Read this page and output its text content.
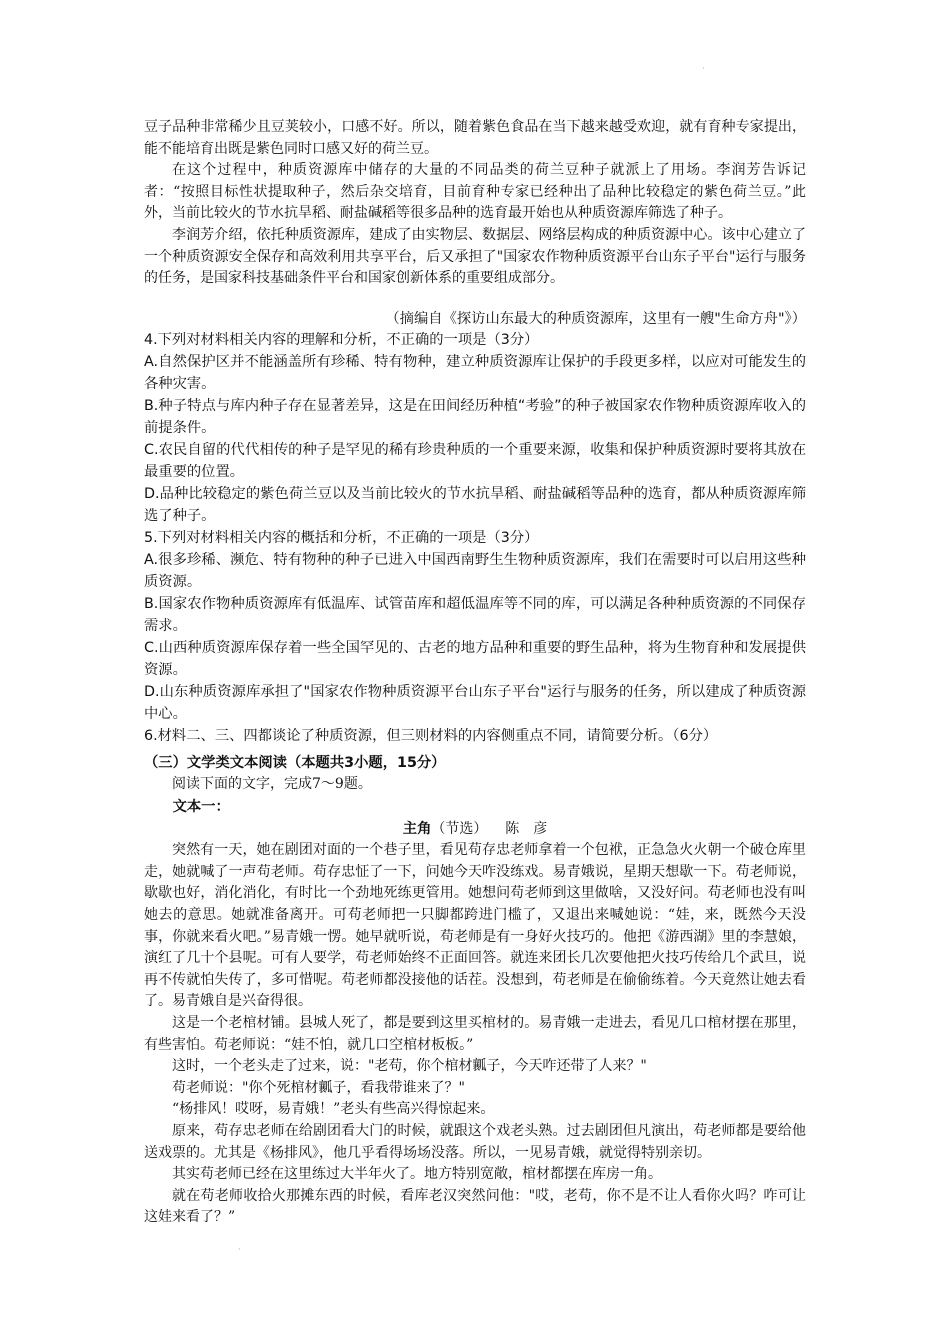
·

豆子品种非常稀少且豆荚较小，口感不好。所以，随着紫色食品在当下越来越受欢迎，就有育种专家提出，能不能培育出既是紫色同时口感又好的荷兰豆。

在这个过程中，种质资源库中储存的大量的不同品类的荷兰豆种子就派上了用场。李润芳告诉记者：“按照目标性状提取种子，然后杂交培育，目前育种专家已经种出了品种比较稳定的紫色荷兰豆。”此外，当前比较火的节水抗旱稻、耐盐碱稻等很多品种的选育最开始也从种质资源库筛选了种子。

李润芳介绍，依托种质资源库，建成了由实物层、数据层、网络层构成的种质资源中心。该中心建立了一个种质资源安全保存和高效利用共享平台，后又承担了"国家农作物种质资源平台山东子平台"运行与服务的任务，是国家科技基础条件平台和国家创新体系的重要组成部分。

（摘编自《探访山东最大的种质资源库，这里有一艘"生命方舟"》）

4.下列对材料相关内容的理解和分析，不正确的一项是（3分）

A.自然保护区并不能涵盖所有珍稀、特有物种，建立种质资源库让保护的手段更多样，以应对可能发生的各种灾害。

B.种子特点与库内种子存在显著差异，这是在田间经历种植“考验”的种子被国家农作物种质资源库收入的前提条件。

C.农民自留的代代相传的种子是罕见的稀有珍贵种质的一个重要来源，收集和保护种质资源时要将其放在最重要的位置。

D.品种比较稳定的紫色荷兰豆以及当前比较火的节水抗旱稻、耐盐碱稻等品种的选育，都从种质资源库筛选了种子。

5.下列对材料相关内容的概括和分析，不正确的一项是（3分）

A.很多珍稀、濒危、特有物种的种子已进入中国西南野生生物种质资源库，我们在需要时可以启用这些种质资源。

B.国家农作物种质资源库有低温库、试管苗库和超低温库等不同的库，可以满足各种种质资源的不同保存需求。

C.山西种质资源库保存着一些全国罕见的、古老的地方品种和重要的野生品种，将为生物育种和发展提供资源。

D.山东种质资源库承担了"国家农作物种质资源平台山东子平台"运行与服务的任务，所以建成了种质资源中心。

6.材料二、三、四都谈论了种质资源，但三则材料的内容侧重点不同，请简要分析。（6分）

（三）文学类文本阅读（本题共3小题，15分）

阅读下面的文字，完成7～9题。

文本一：

主角（节选） 陈　彦

突然有一天，她在剧团对面的一个巷子里，看见苟存忠老师拿着一个包袱，正急急火火朝一个破仓库里走，她就喊了一声苟老师。苟存忠怔了一下，问她今天咋没练戏。易青娥说，星期天想歇一下。苟老师说，歇歇也好，消化消化，有时比一个劲地死练更管用。她想问苟老师到这里做啥，又没好问。苟老师也没有叫她去的意思。她就准备离开。可苟老师把一只脚都跨进门槛了，又退出来喊她说：“娃，来，既然今天没事，你就来看火吧。”易青娥一愣。她早就听说，苟老师是有一身好火技巧的。他把《游西湖》里的李慧娘，演红了几十个县呢。可有人要学，苟老师始终不正面回答。就连来团长几次要他把火技巧传给几个武旦，说再不传就怕失传了，多可惜呢。苟老师都没接他的话茬。没想到，苟老师是在偷偷练着。今天竟然让她去看了。易青娥自是兴奋得很。

这是一个老棺材铺。县城人死了，都是要到这里买棺材的。易青娥一走进去，看见几口棺材摆在那里，有些害怕。苟老师说：“娃不怕，就几口空棺材板板。”

这时，一个老头走了过来，说："老苟，你个棺材瓤子，今天咋还带了人来？"

苟老师说："你个死棺材瓤子，看我带谁来了？"

“杨排风！哎呀，易青娥！”老头有些高兴得惊起来。

原来，苟存忠老师在给剧团看大门的时候，就跟这个戏老头熟。过去剧团但凡演出，苟老师都是要给他送戏票的。尤其是《杨排风》，他几乎看得场场没落。所以，一见易青娥，就觉得特别亲切。

其实苟老师已经在这里练过大半年火了。地方特别宽敞，棺材都摆在库房一角。

就在苟老师收拾火那摊东西的时候，看库老汉突然问他："哎，老苟，你不是不让人看你火吗？咋可让这娃来看了？”

·
